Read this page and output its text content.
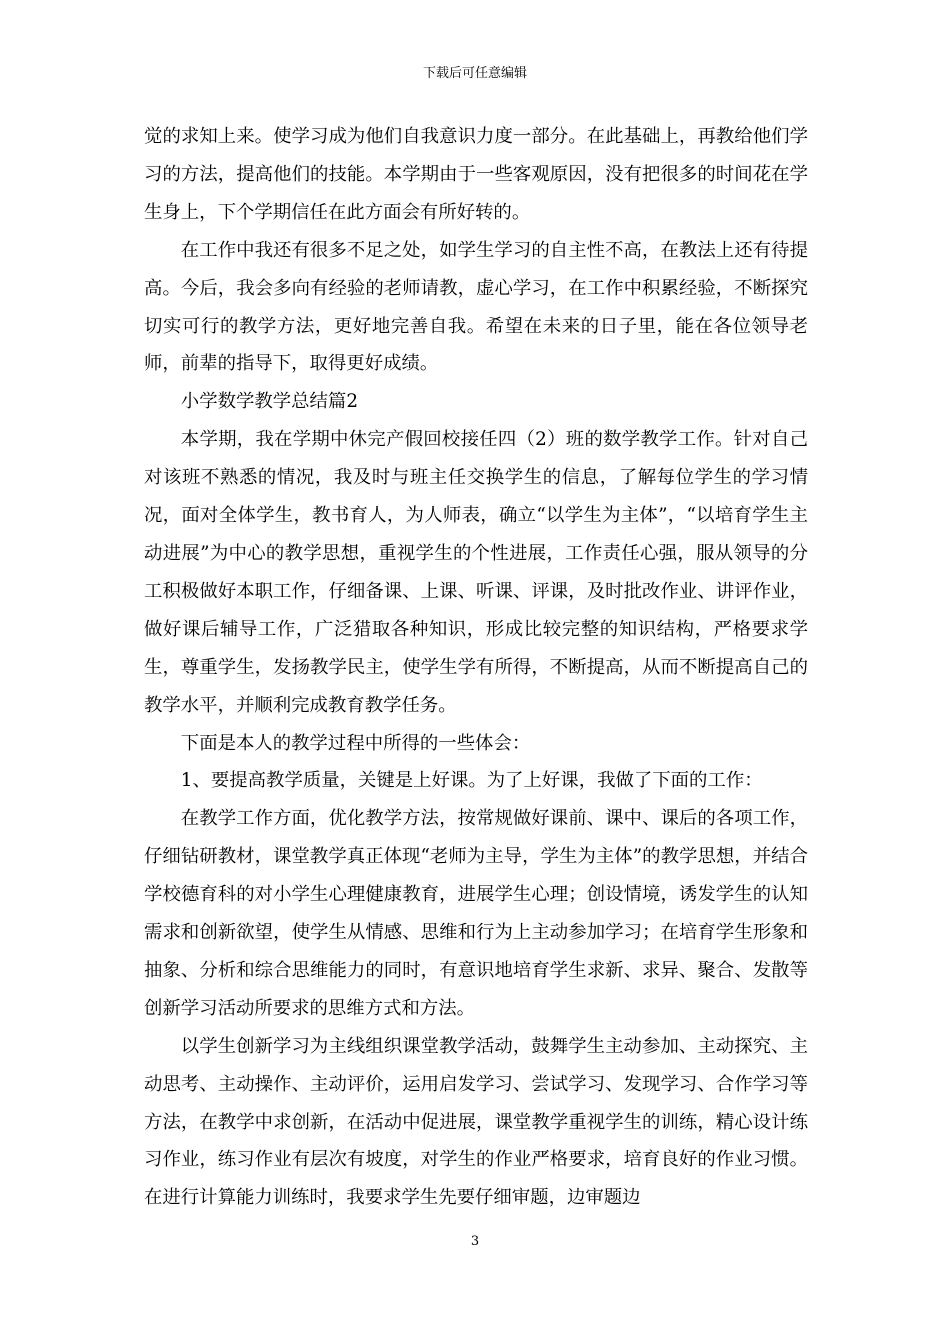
下载后可任意编辑

觉的求知上来。使学习成为他们自我意识力度一部分。在此基础上，再教给他们学习的方法，提高他们的技能。本学期由于一些客观原因，没有把很多的时间花在学生身上，下个学期信任在此方面会有所好转的。

在工作中我还有很多不足之处，如学生学习的自主性不高，在教法上还有待提高。今后，我会多向有经验的老师请教，虚心学习，在工作中积累经验，不断探究切实可行的教学方法，更好地完善自我。希望在未来的日子里，能在各位领导老师，前辈的指导下，取得更好成绩。

小学数学教学总结篇2

本学期，我在学期中休完产假回校接任四（2）班的数学教学工作。针对自己对该班不熟悉的情况，我及时与班主任交换学生的信息，了解每位学生的学习情况，面对全体学生，教书育人，为人师表，确立“以学生为主体”，“以培育学生主动进展”为中心的教学思想，重视学生的个性进展，工作责任心强，服从领导的分工积极做好本职工作，仔细备课、上课、听课、评课，及时批改作业、讲评作业，做好课后辅导工作，广泛猎取各种知识，形成比较完整的知识结构，严格要求学生，尊重学生，发扬教学民主，使学生学有所得，不断提高，从而不断提高自己的教学水平，并顺利完成教育教学任务。

下面是本人的教学过程中所得的一些体会：

1、要提高教学质量，关键是上好课。为了上好课，我做了下面的工作：

在教学工作方面，优化教学方法，按常规做好课前、课中、课后的各项工作，仔细钻研教材，课堂教学真正体现“老师为主导，学生为主体”的教学思想，并结合学校德育科的对小学生心理健康教育，进展学生心理；创设情境，诱发学生的认知需求和创新欲望，使学生从情感、思维和行为上主动参加学习；在培育学生形象和抽象、分析和综合思维能力的同时，有意识地培育学生求新、求异、聚合、发散等创新学习活动所要求的思维方式和方法。

以学生创新学习为主线组织课堂教学活动，鼓舞学生主动参加、主动探究、主动思考、主动操作、主动评价，运用启发学习、尝试学习、发现学习、合作学习等方法，在教学中求创新，在活动中促进展，课堂教学重视学生的训练，精心设计练习作业，练习作业有层次有坡度，对学生的作业严格要求，培育良好的作业习惯。在进行计算能力训练时，我要求学生先要仔细审题，边审题边

3
